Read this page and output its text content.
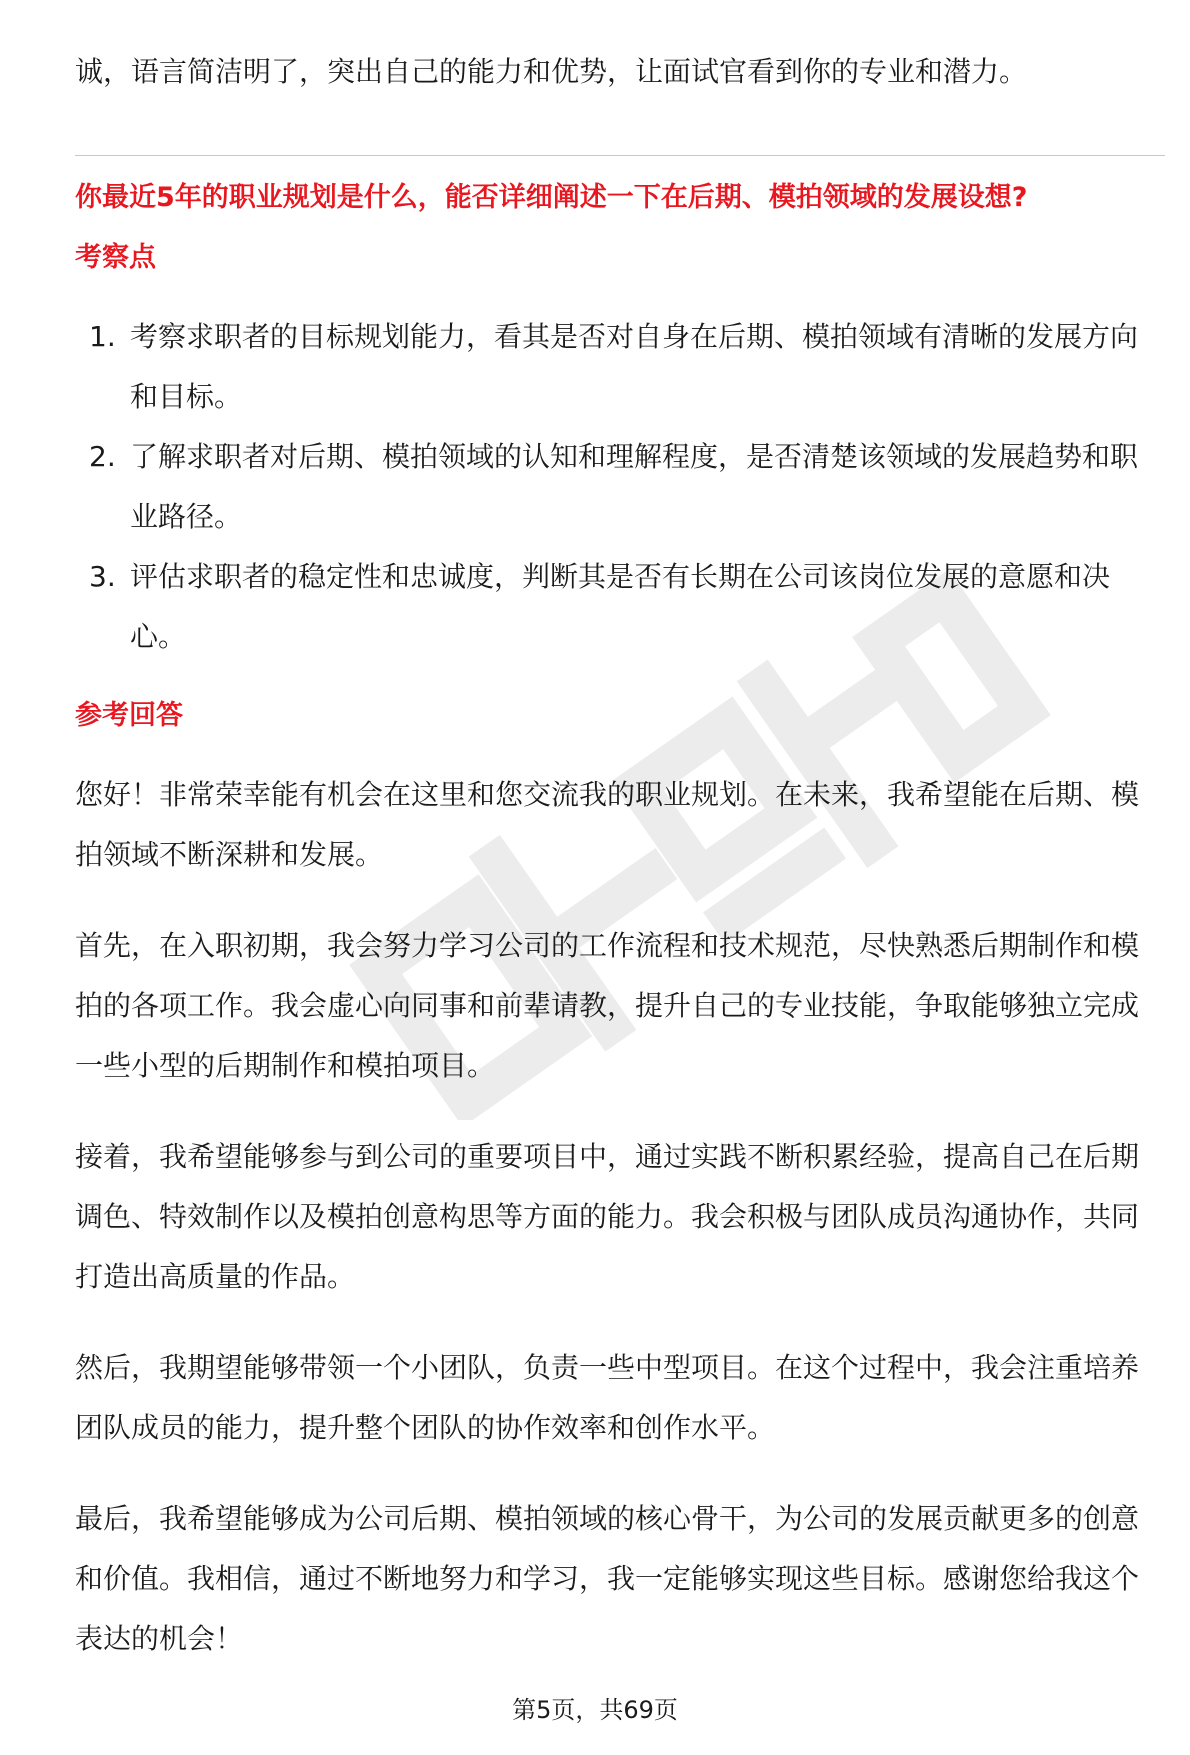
诚，语言简洁明了，突出自己的能力和优势，让面试官看到你的专业和潜力。

你最近5年的职业规划是什么，能否详细阐述一下在后期、模拍领域的发展设想?

考察点

1. 考察求职者的目标规划能力，看其是否对自身在后期、模拍领域有清晰的发展方向和目标。

2. 了解求职者对后期、模拍领域的认知和理解程度，是否清楚该领域的发展趋势和职业路径。

3. 评估求职者的稳定性和忠诚度，判断其是否有长期在公司该岗位发展的意愿和决心。

参考回答

您好！非常荣幸能有机会在这里和您交流我的职业规划。在未来，我希望能在后期、模拍领域不断深耕和发展。

首先，在入职初期，我会努力学习公司的工作流程和技术规范，尽快熟悉后期制作和模拍的各项工作。我会虚心向同事和前辈请教，提升自己的专业技能，争取能够独立完成一些小型的后期制作和模拍项目。

接着，我希望能够参与到公司的重要项目中，通过实践不断积累经验，提高自己在后期调色、特效制作以及模拍创意构思等方面的能力。我会积极与团队成员沟通协作，共同打造出高质量的作品。

然后，我期望能够带领一个小团队，负责一些中型项目。在这个过程中，我会注重培养团队成员的能力，提升整个团队的协作效率和创作水平。

最后，我希望能够成为公司后期、模拍领域的核心骨干，为公司的发展贡献更多的创意和价值。我相信，通过不断地努力和学习，我一定能够实现这些目标。感谢您给我这个表达的机会！

第5页，共69页
